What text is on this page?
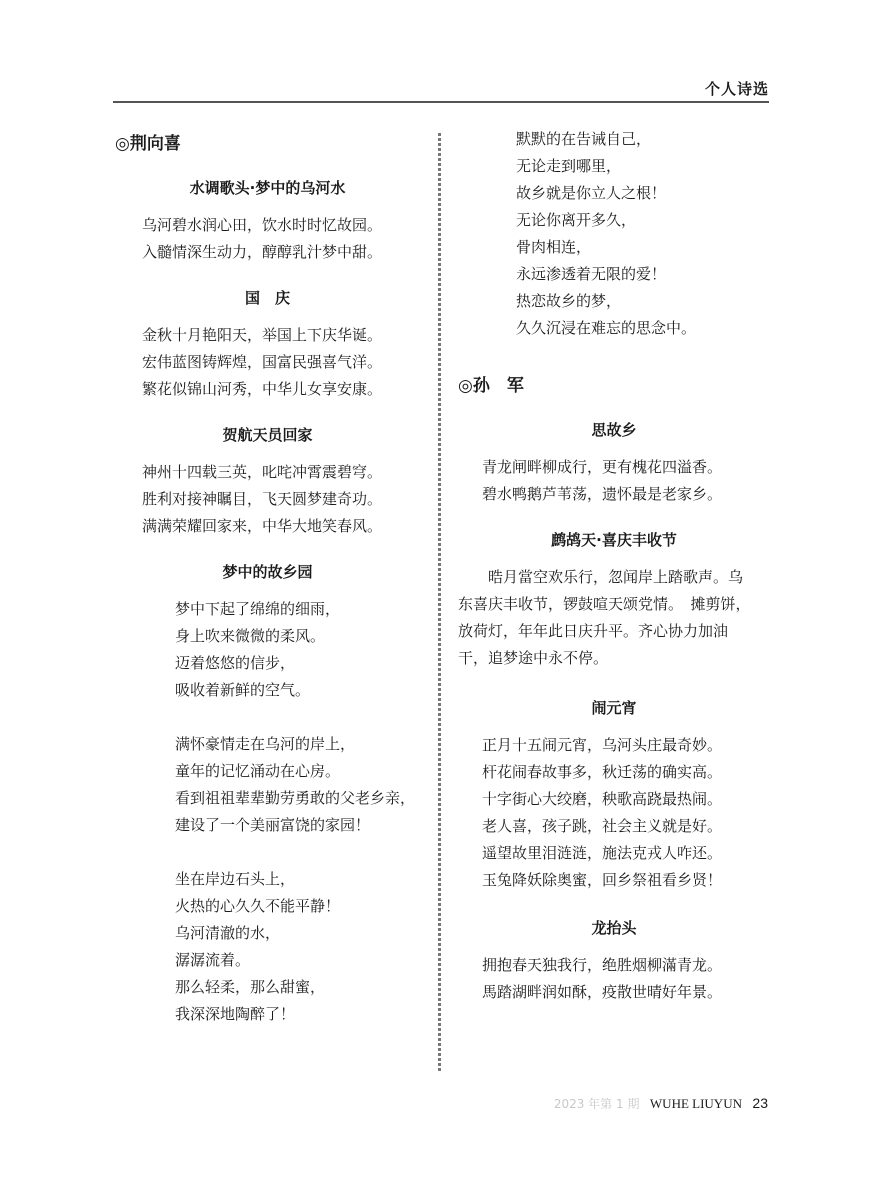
个人诗选

◎荆向喜

水调歌头·梦中的乌河水

乌河碧水润心田，饮水时时忆故园。

入髓情深生动力，醇醇乳汁梦中甜。

国　庆

金秋十月艳阳天，举国上下庆华诞。

宏伟蓝图铸辉煌，国富民强喜气洋。

繁花似锦山河秀，中华儿女享安康。

贺航天员回家

神州十四载三英，叱咤冲霄震碧穹。

胜利对接神瞩目，飞天圆梦建奇功。

满满荣耀回家来，中华大地笑春风。

梦中的故乡园

梦中下起了绵绵的细雨，

身上吹来微微的柔风。

迈着悠悠的信步，

吸收着新鲜的空气。

满怀豪情走在乌河的岸上，

童年的记忆涌动在心房。

看到祖祖辈辈勤劳勇敢的父老乡亲，

建设了一个美丽富饶的家园！

坐在岸边石头上，

火热的心久久不能平静！

乌河清澈的水，

潺潺流着。

那么轻柔，那么甜蜜，

我深深地陶醉了！

默默的在告诫自己，

无论走到哪里，

故乡就是你立人之根！

无论你离开多久，

骨肉相连，

永远渗透着无限的爱！

热恋故乡的梦，

久久沉浸在难忘的思念中。

◎孙　军

思故乡

青龙闸畔柳成行，更有槐花四溢香。

碧水鸭鹅芦苇荡，遗怀最是老家乡。

鹧鸪天·喜庆丰收节

晧月當空欢乐行，忽闻岸上踏歌声。乌

东喜庆丰收节，锣鼓喧天颂党情。　摊剪饼，

放荷灯，年年此日庆升平。齐心协力加油

干，追梦途中永不停。

闹元宵

正月十五闹元宵，乌河头庄最奇妙。

杆花闹春故事多，秋迁荡的确实高。

十字街心大绞磨，秧歌高跷最热闹。

老人喜，孩子跳，社会主义就是好。

遥望故里泪涟涟，施法克戎人咋还。

玉兔降妖除奥蜜，回乡祭祖看乡贤！

龙抬头

拥抱春天独我行，绝胜烟柳滿青龙。

馬踏湖畔润如酥，疫散世晴好年景。

2023 年第 1 期 WUHE LIUYUN 23
